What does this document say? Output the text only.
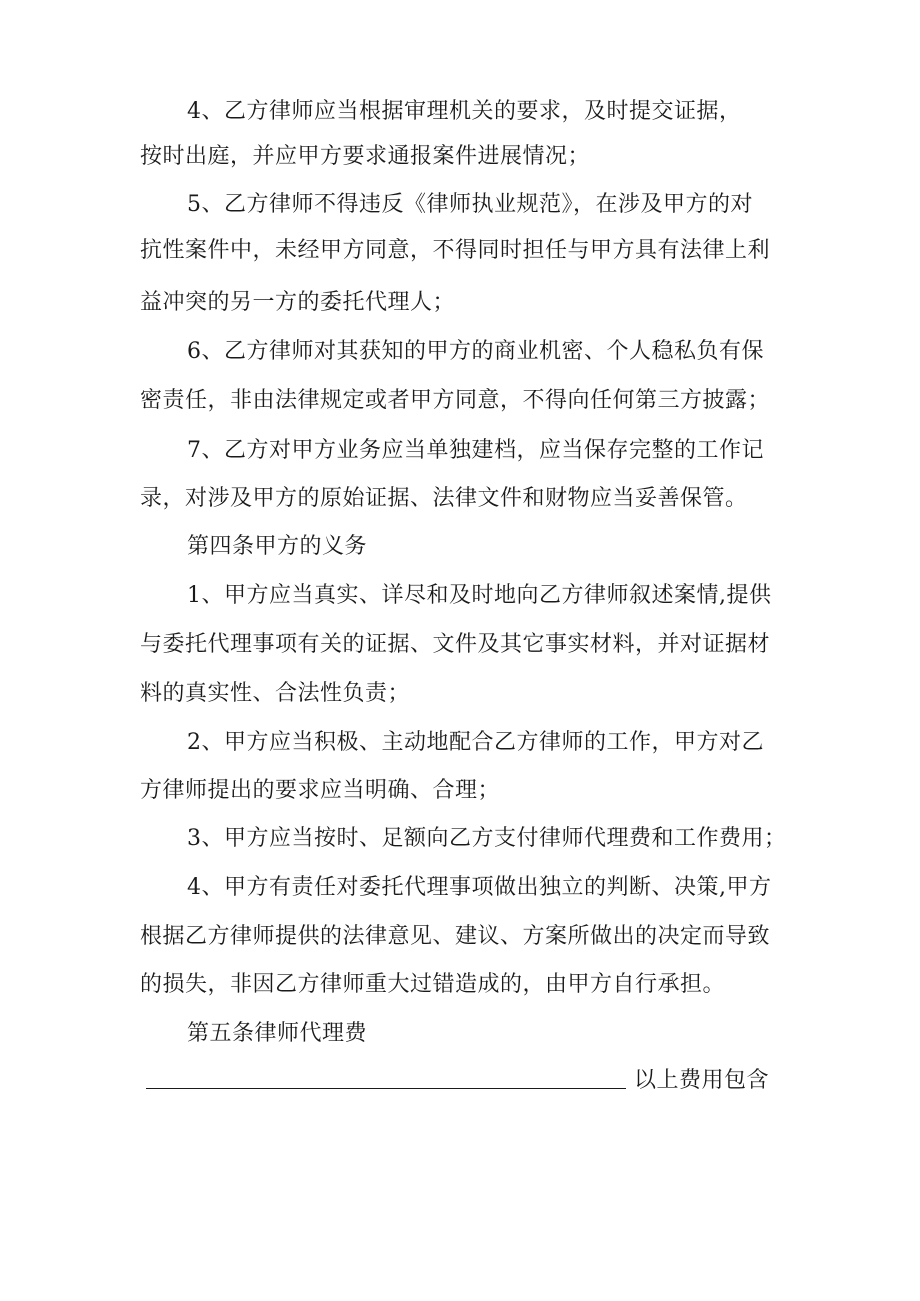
4、乙方律师应当根据审理机关的要求，及时提交证据，
按时出庭，并应甲方要求通报案件进展情况；
5、乙方律师不得违反《律师执业规范》，在涉及甲方的对
抗性案件中，未经甲方同意，不得同时担任与甲方具有法律上利
益冲突的另一方的委托代理人；
6、乙方律师对其获知的甲方的商业机密、个人稳私负有保
密责任，非由法律规定或者甲方同意，不得向任何第三方披露；
7、乙方对甲方业务应当单独建档，应当保存完整的工作记
录，对涉及甲方的原始证据、法律文件和财物应当妥善保管。
第四条甲方的义务
1、甲方应当真实、详尽和及时地向乙方律师叙述案情,提供
与委托代理事项有关的证据、文件及其它事实材料，并对证据材
料的真实性、合法性负责；
2、甲方应当积极、主动地配合乙方律师的工作，甲方对乙
方律师提出的要求应当明确、合理；
3、甲方应当按时、足额向乙方支付律师代理费和工作费用；
4、甲方有责任对委托代理事项做出独立的判断、决策,甲方
根据乙方律师提供的法律意见、建议、方案所做出的决定而导致
的损失，非因乙方律师重大过错造成的，由甲方自行承担。
第五条律师代理费
以上费用包含
